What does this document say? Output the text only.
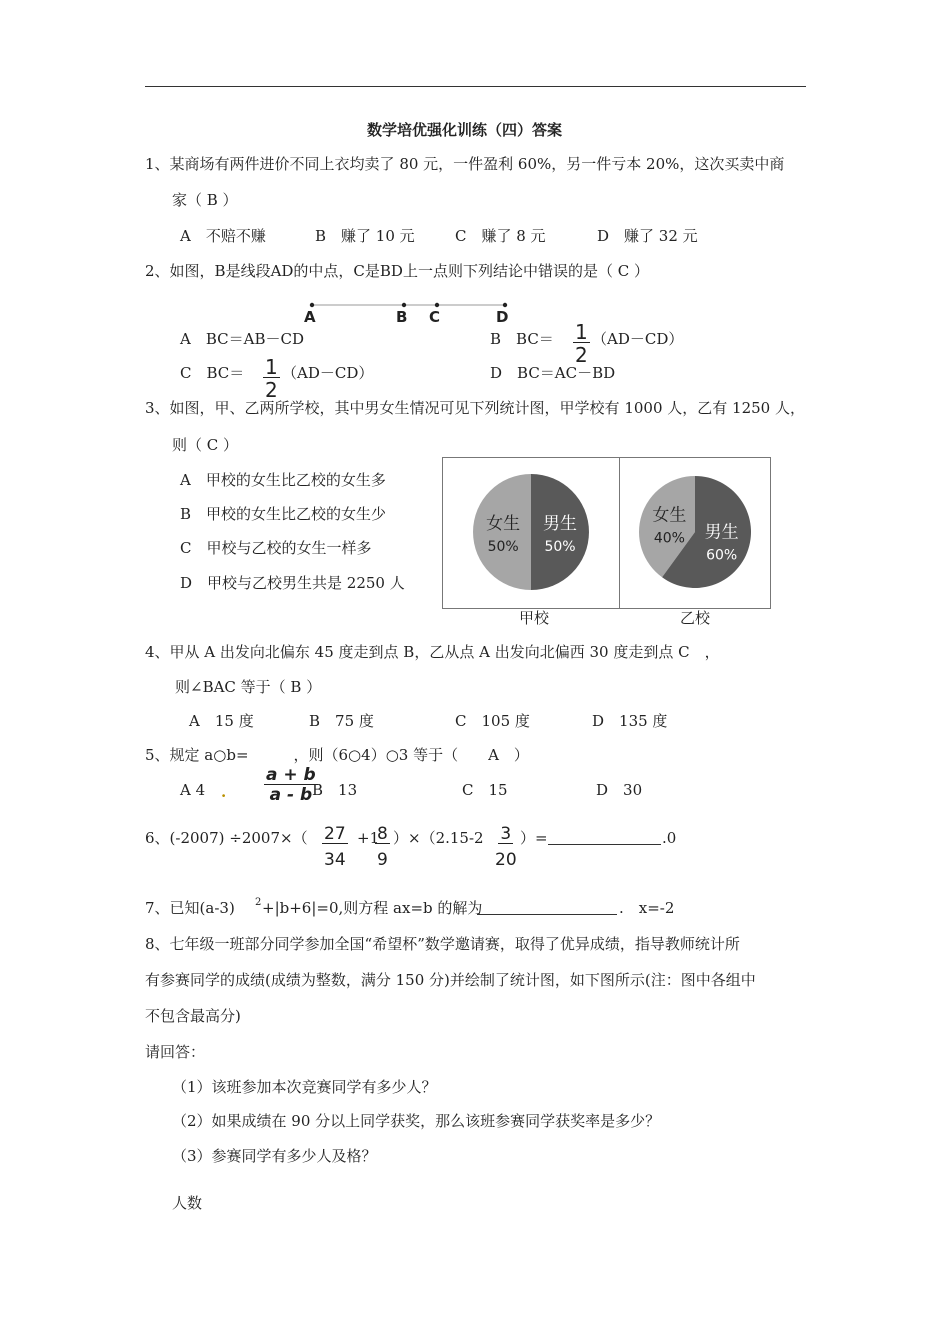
数学培优强化训练（四）答案
1、某商场有两件进价不同上衣均卖了 80 元，一件盈利 60%，另一件亏本 20%，这次买卖中商
家（ B ）
A　不赔不赚	B　赚了 10 元	C　赚了 8 元	D　赚了 32 元
2、如图，B是线段AD的中点，C是BD上一点则下列结论中错误的是（ C ）
A	B C	D
A　BC＝AB－CD	B　$BC= \frac{1}{2} (AD-CD)$
C　$BC= \frac{1}{2} (AD-CD)$	D　BC＝AC－BD
3、如图，甲、乙两所学校，其中男女生情况可见下列统计图，甲学校有 1000 人，乙有 1250 人，
则（ C ）
A　甲校的女生比乙校的女生多
B　甲校的女生比乙校的女生少
C　甲校与乙校的女生一样多
D　甲校与乙校男生共是 2250 人
女生
50%
男生
50%
女生
40% 男生
60%
甲校	乙校
4、甲从 A 出发向北偏东 45 度走到点 B，乙从点 A 出发向北偏西 30 度走到点 C　，
则∠BAC 等于（ B ）
A　15 度	B　75 度	C　105 度	D　135 度
5、规定 a○b=　　　，则（6○4）○3 等于（　　A　）
$\frac{a + b}{a - b}$
A 4 .	B　13	C　15	D　30
6、$(-2007) \div 2007\times( \frac{27}{34} +1$
$\frac{8}{9} )\times(2.15-2 \frac{3}{20}$ ）=	.0
7、已知(a-3) 2 +|b+6|=0,则方程 ax=b 的解为	.　x=-2
8、七年级一班部分同学参加全国“希望杯”数学邀请赛，取得了优异成绩，指导教师统计所
有参赛同学的成绩(成绩为整数，满分 150 分)并绘制了统计图，如下图所示(注：图中各组中
不包含最高分)
请回答：
（1）该班参加本次竞赛同学有多少人？
（2）如果成绩在 90 分以上同学获奖，那么该班参赛同学获奖率是多少？
（3）参赛同学有多少人及格？
人数
